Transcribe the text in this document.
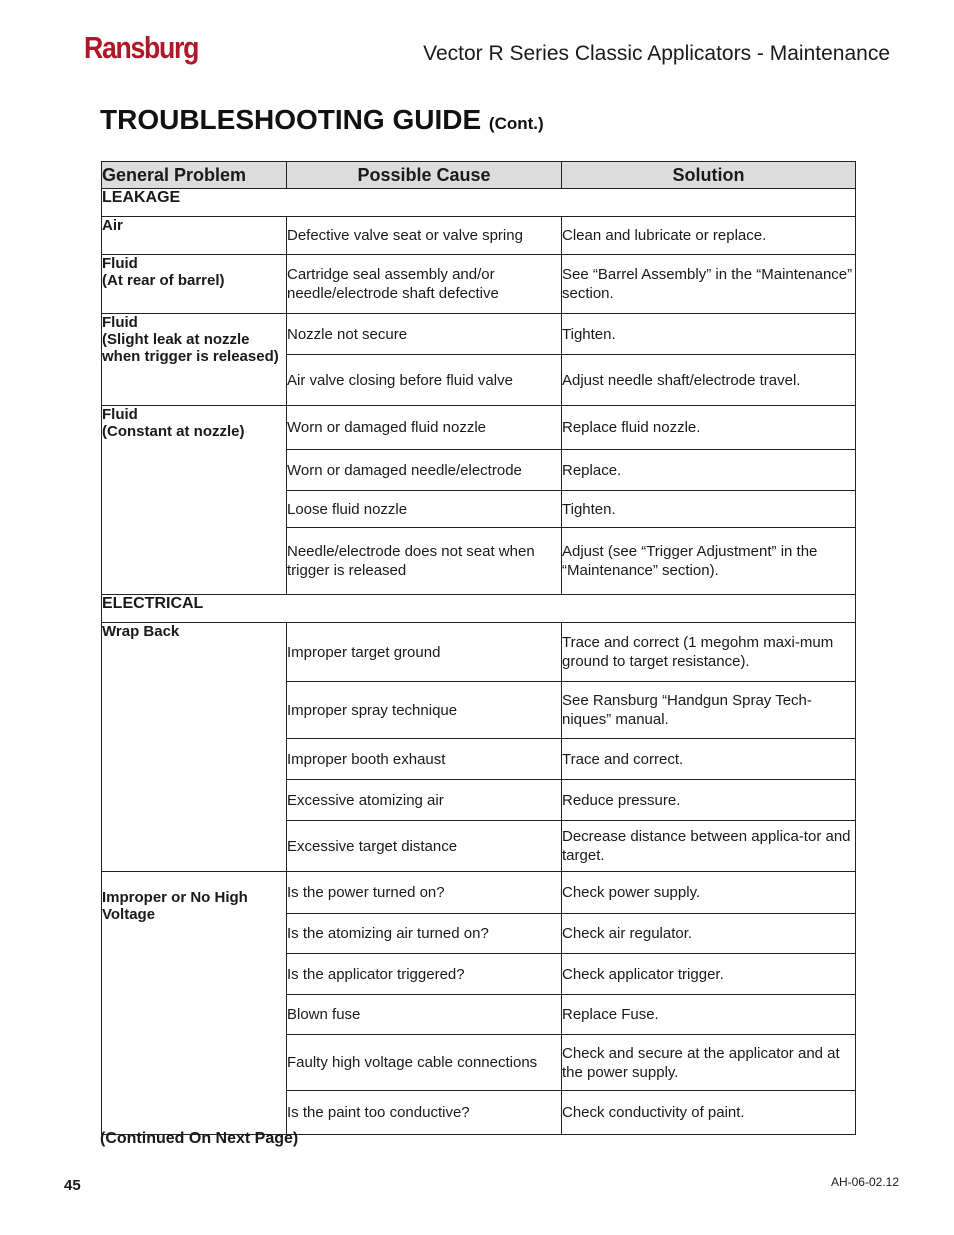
Ransburg	Vector R Series Classic Applicators - Maintenance
TROUBLESHOOTING GUIDE (Cont.)
General Problem	Possible Cause	Solution
LEAKAGE		

Air	Defective valve seat or valve spring	Clean and lubricate or replace.

Fluid
(At rear of barrel)	Cartridge seal assembly and/or needle/electrode shaft defective	See “Barrel Assembly” in the “Maintenance” section.

Fluid
(Slight leak at nozzle when trigger is released)	Nozzle not secure	Tighten.

Air valve closing before fluid valve	Adjust needle shaft/electrode travel.

Fluid
(Constant at nozzle)	Worn or damaged fluid nozzle	Replace fluid nozzle.

Worn or damaged needle/electrode	Replace.

Loose fluid nozzle	Tighten.

Needle/electrode does not seat when trigger is released	Adjust (see “Trigger Adjustment” in the “Maintenance” section).

ELECTRICAL		

Wrap Back	Improper target ground	Trace and correct (1 megohm maxi-mum ground to target resistance).

Improper spray technique	See Ransburg “Handgun Spray Tech-niques” manual.

Improper booth exhaust	Trace and correct.

Excessive atomizing air	Reduce pressure.

Excessive target distance	Decrease distance between applica-tor and target.

Improper or No High Voltage	Is the power turned on?	Check power supply.

Is the atomizing air turned on?	Check air regulator.

Is the applicator triggered?	Check applicator trigger.

Blown fuse	Replace Fuse.

Faulty high voltage cable connections	Check and secure at the applicator and at the power supply.

Is the paint too conductive?	Check conductivity of paint.
(Continued On Next Page)
45	AH-06-02.12
